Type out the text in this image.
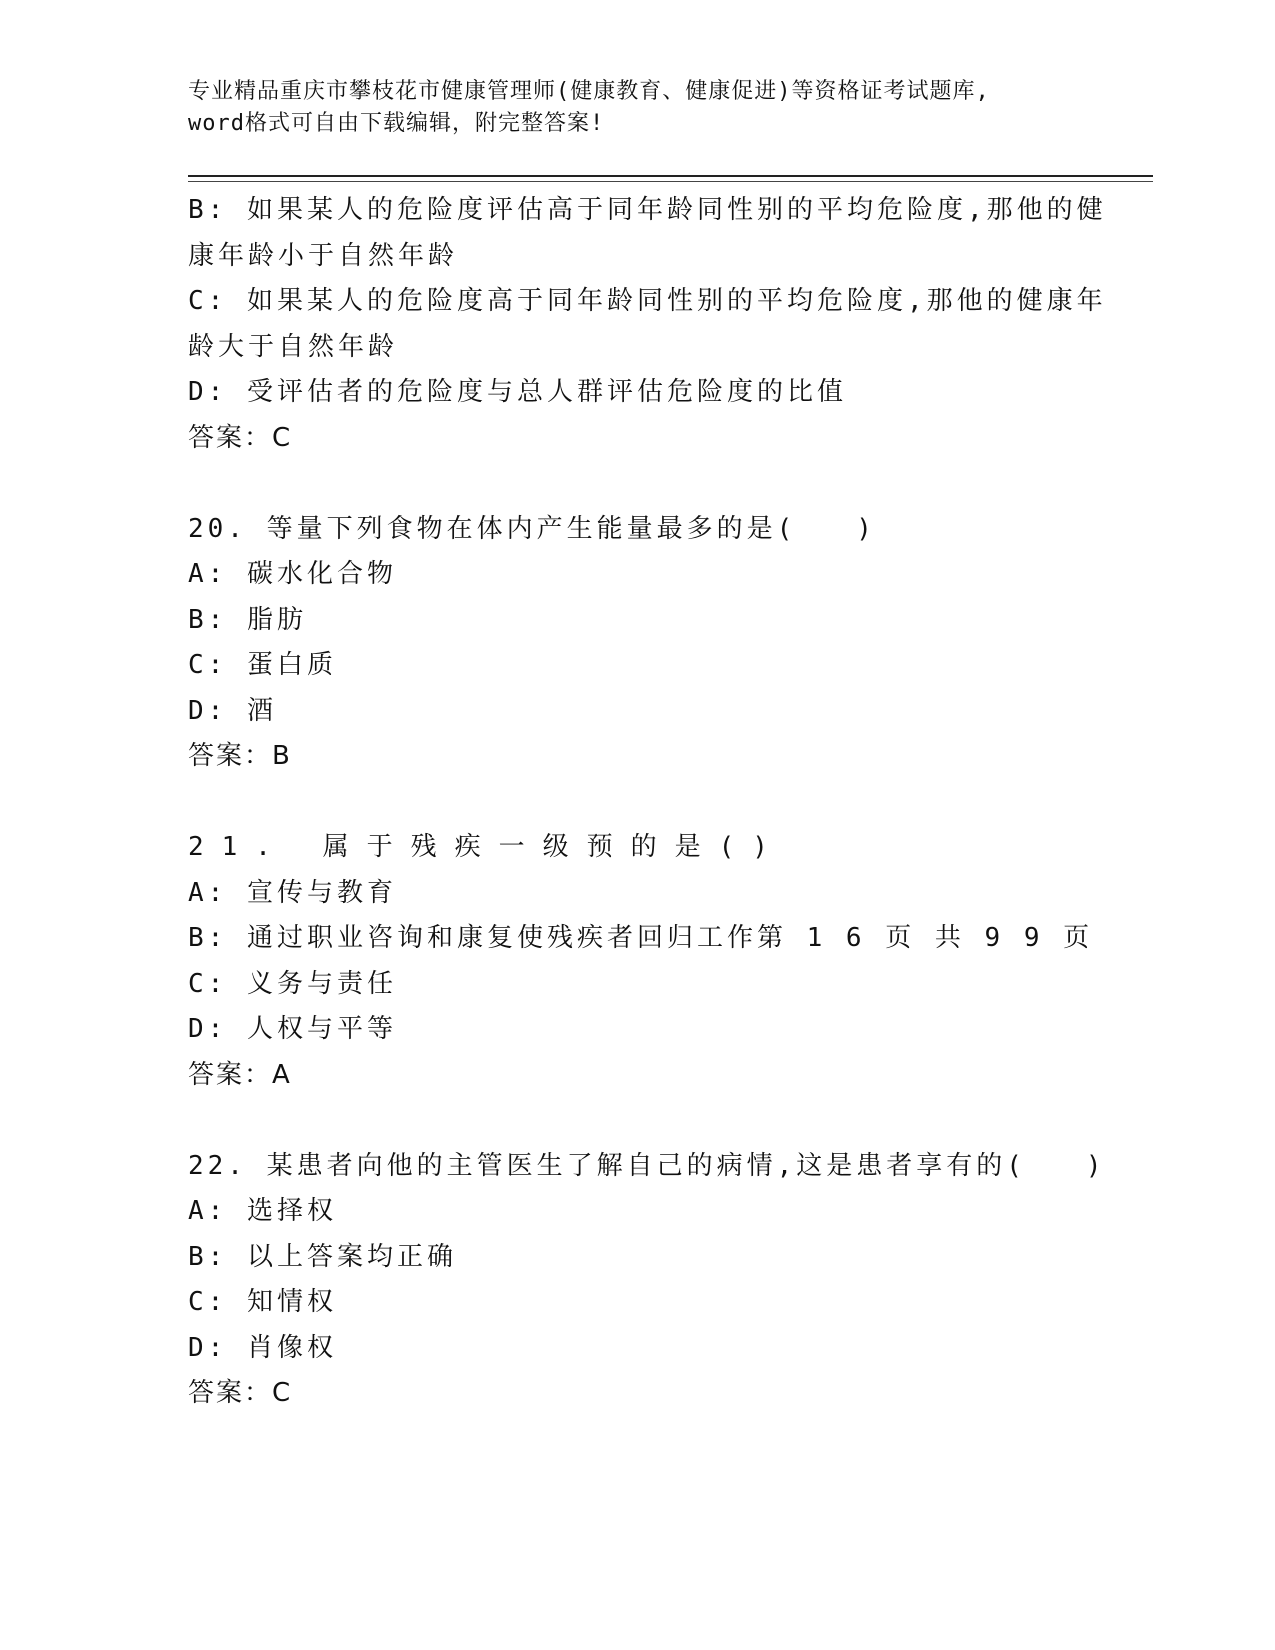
专业精品重庆市攀枝花市健康管理师(健康教育、健康促进)等资格证考试题库,
word格式可自由下载编辑，附完整答案!
B: 如果某人的危险度评估高于同年龄同性别的平均危险度,那他的健
康年龄小于自然年龄
C: 如果某人的危险度高于同年龄同性别的平均危险度,那他的健康年
龄大于自然年龄
D: 受评估者的危险度与总人群评估危险度的比值
答案：C
20. 等量下列食物在体内产生能量最多的是(　　)
A: 碳水化合物
B: 脂肪
C: 蛋白质
D: 酒
答案：B
21. 属于残疾一级预的是()
A: 宣传与教育
B: 通过职业咨询和康复使残疾者回归工作第 1 6 页 共 9 9 页
C: 义务与责任
D: 人权与平等
答案：A
22. 某患者向他的主管医生了解自己的病情,这是患者享有的(　　)
A: 选择权
B: 以上答案均正确
C: 知情权
D: 肖像权
答案：C
